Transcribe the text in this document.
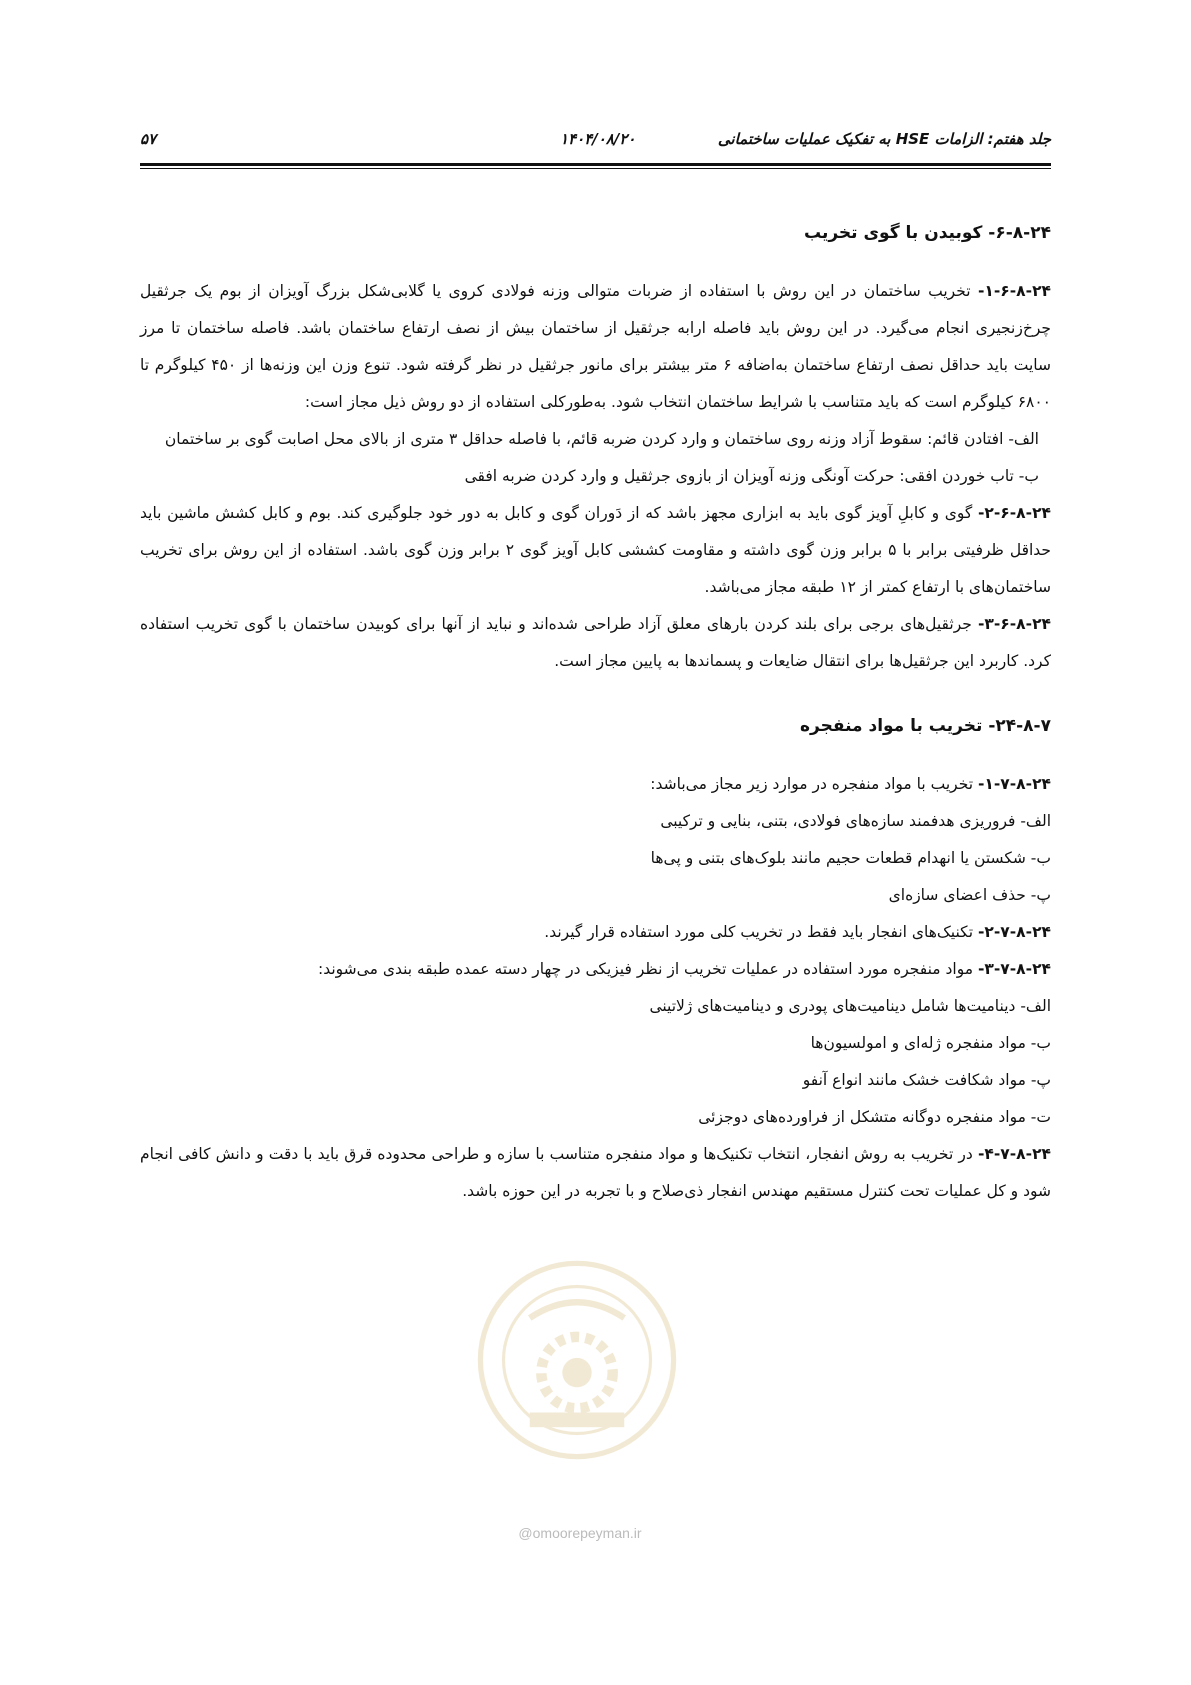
جلد هفتم: الزامات HSE به تفکیک عملیات ساختمانی
۱۴۰۴/۰۸/۲۰
۵۷
۶-۸-۲۴- کوبیدن با گوی تخریب

۱-۶-۸-۲۴- تخریب ساختمان در این روش با استفاده از ضربات متوالی وزنه فولادی کروی یا گلابی‌شکل بزرگ آویزان از بوم یک جرثقیل چرخ‌زنجیری انجام می‌گیرد. در این روش باید فاصله ارابه جرثقیل از ساختمان بیش از نصف ارتفاع ساختمان باشد. فاصله ساختمان تا مرز سایت باید حداقل نصف ارتفاع ساختمان به‌اضافه ۶ متر بیشتر برای مانور جرثقیل در نظر گرفته شود. تنوع وزن این وزنه‌ها از ۴۵۰ کیلوگرم تا ۶۸۰۰ کیلوگرم است که باید متناسب با شرایط ساختمان انتخاب شود. به‌طورکلی استفاده از دو روش ذیل مجاز است:

الف- افتادن قائم: سقوط آزاد وزنه روی ساختمان و وارد کردن ضربه قائم، با فاصله حداقل ۳ متری از بالای محل اصابت گوی بر ساختمان

ب- تاب خوردن افقی: حرکت آونگی وزنه آویزان از بازوی جرثقیل و وارد کردن ضربه افقی

۲-۶-۸-۲۴- گوی و کابلِ آویز گوی باید به ابزاری مجهز باشد که از دَوران گوی و کابل به دور خود جلوگیری کند. بوم و کابل کشش ماشین باید حداقل ظرفیتی برابر با ۵ برابر وزن گوی داشته و مقاومت کششی کابل آویز گوی ۲ برابر وزن گوی باشد. استفاده از این روش برای تخریب ساختمان‌های با ارتفاع کمتر از ۱۲ طبقه مجاز می‌باشد.

۳-۶-۸-۲۴- جرثقیل‌های برجی برای بلند کردن بارهای معلق آزاد طراحی شده‌اند و نباید از آنها برای کوبیدن ساختمان با گوی تخریب استفاده کرد. کاربرد این جرثقیل‌ها برای انتقال ضایعات و پسماندها به پایین مجاز است.

۲۴-۸-۷- تخریب با مواد منفجره

۱-۷-۸-۲۴- تخریب با مواد منفجره در موارد زیر مجاز می‌باشد:

الف- فروریزی هدفمند سازه‌های فولادی، بتنی، بنایی و ترکیبی

ب- شکستن یا انهدام قطعات حجیم مانند بلوک‌های بتنی و پی‌ها

پ- حذف اعضای سازه‌ای

۲-۷-۸-۲۴- تکنیک‌های انفجار باید فقط در تخریب کلی مورد استفاده قرار گیرند.

۳-۷-۸-۲۴- مواد منفجره مورد استفاده در عملیات تخریب از نظر فیزیکی در چهار دسته عمده طبقه بندی می‌شوند:

الف- دینامیت‌ها شامل دینامیت‌های پودری و دینامیت‌های ژلاتینی

ب- مواد منفجره ژله‌ای و امولسیون‌ها

پ- مواد شکافت خشک مانند انواع آنفو

ت- مواد منفجره دوگانه متشکل از فراورده‌های دوجزئی

۴-۷-۸-۲۴- در تخریب به روش انفجار، انتخاب تکنیک‌ها و مواد منفجره متناسب با سازه و طراحی محدوده قرق باید با دقت و دانش کافی انجام شود و کل عملیات تحت کنترل مستقیم مهندس انفجار ذی‌صلاح و با تجربه در این حوزه باشد.

@omoorepeyman.ir
